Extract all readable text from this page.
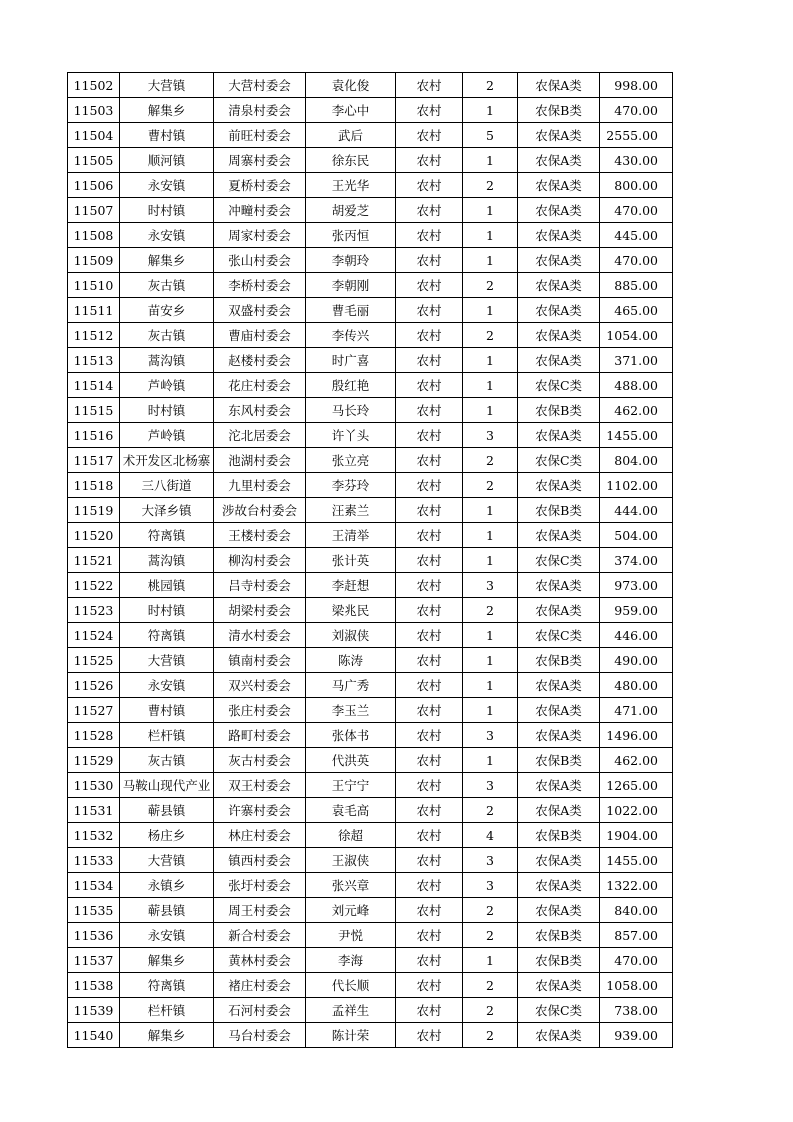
11502	大营镇	大营村委会	袁化俊	农村	2	农保A类	998.00
11503	解集乡	清泉村委会	李心中	农村	1	农保B类	470.00
11504	曹村镇	前旺村委会	武后	农村	5	农保A类	2555.00
11505	顺河镇	周寨村委会	徐东民	农村	1	农保A类	430.00
11506	永安镇	夏桥村委会	王光华	农村	2	农保A类	800.00
11507	时村镇	冲疃村委会	胡爱芝	农村	1	农保A类	470.00
11508	永安镇	周家村委会	张丙恒	农村	1	农保A类	445.00
11509	解集乡	张山村委会	李朝玲	农村	1	农保A类	470.00
11510	灰古镇	李桥村委会	李朝刚	农村	2	农保A类	885.00
11511	苗安乡	双盛村委会	曹毛丽	农村	1	农保A类	465.00
11512	灰古镇	曹庙村委会	李传兴	农村	2	农保A类	1054.00
11513	蒿沟镇	赵楼村委会	时广喜	农村	1	农保A类	371.00
11514	芦岭镇	花庄村委会	殷红艳	农村	1	农保C类	488.00
11515	时村镇	东风村委会	马长玲	农村	1	农保B类	462.00
11516	芦岭镇	沱北居委会	许丫头	农村	3	农保A类	1455.00
11517	术开发区北杨寨	池湖村委会	张立亮	农村	2	农保C类	804.00
11518	三八街道	九里村委会	李芬玲	农村	2	农保A类	1102.00
11519	大泽乡镇	涉故台村委会	汪素兰	农村	1	农保B类	444.00
11520	符离镇	王楼村委会	王清举	农村	1	农保A类	504.00
11521	蒿沟镇	柳沟村委会	张计英	农村	1	农保C类	374.00
11522	桃园镇	吕寺村委会	李赶想	农村	3	农保A类	973.00
11523	时村镇	胡梁村委会	梁兆民	农村	2	农保A类	959.00
11524	符离镇	清水村委会	刘淑侠	农村	1	农保C类	446.00
11525	大营镇	镇南村委会	陈涛	农村	1	农保B类	490.00
11526	永安镇	双兴村委会	马广秀	农村	1	农保A类	480.00
11527	曹村镇	张庄村委会	李玉兰	农村	1	农保A类	471.00
11528	栏杆镇	路町村委会	张体书	农村	3	农保A类	1496.00
11529	灰古镇	灰古村委会	代洪英	农村	1	农保B类	462.00
11530	马鞍山现代产业	双王村委会	王宁宁	农村	3	农保A类	1265.00
11531	蕲县镇	许寨村委会	袁毛高	农村	2	农保A类	1022.00
11532	杨庄乡	林庄村委会	徐超	农村	4	农保B类	1904.00
11533	大营镇	镇西村委会	王淑侠	农村	3	农保A类	1455.00
11534	永镇乡	张圩村委会	张兴章	农村	3	农保A类	1322.00
11535	蕲县镇	周王村委会	刘元峰	农村	2	农保A类	840.00
11536	永安镇	新合村委会	尹悦	农村	2	农保B类	857.00
11537	解集乡	黄林村委会	李海	农村	1	农保B类	470.00
11538	符离镇	褚庄村委会	代长顺	农村	2	农保A类	1058.00
11539	栏杆镇	石河村委会	孟祥生	农村	2	农保C类	738.00
11540	解集乡	马台村委会	陈计荣	农村	2	农保A类	939.00
